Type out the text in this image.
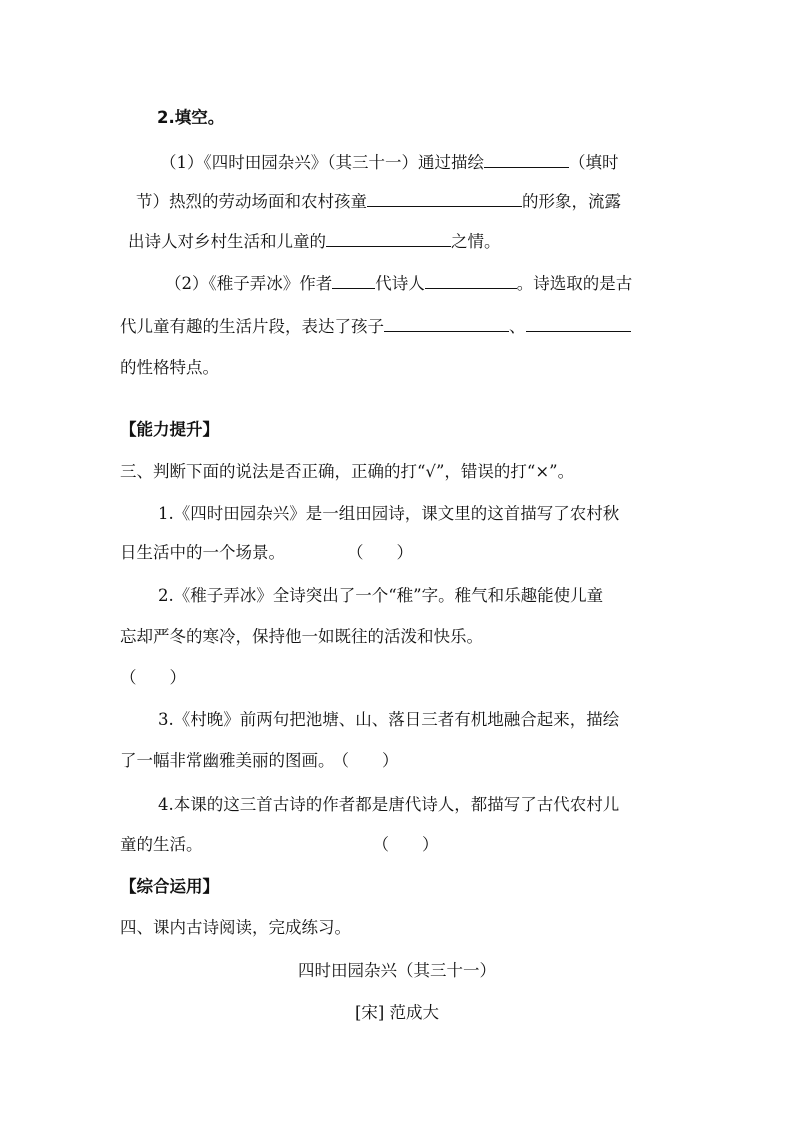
2.填空。
（1）《四时田园杂兴》（其三十一）通过描绘	（填时
节）热烈的劳动场面和农村孩童	的形象，流露
出诗人对乡村生活和儿童的	之情。
（2）《稚子弄冰》作者	代诗人	。诗选取的是古
代儿童有趣的生活片段，表达了孩子	、
的性格特点。
【能力提升】
三、判断下面的说法是否正确，正确的打“√”，错误的打“×”。
1.《四时田园杂兴》是一组田园诗，课文里的这首描写了农村秋
日生活中的一个场景。	（　　）
2.《稚子弄冰》全诗突出了一个“稚”字。稚气和乐趣能使儿童
忘却严冬的寒冷，保持他一如既往的活泼和快乐。
（　　）
3.《村晚》前两句把池塘、山、落日三者有机地融合起来，描绘
了一幅非常幽雅美丽的图画。（　　）
4.本课的这三首古诗的作者都是唐代诗人，都描写了古代农村儿
童的生活。	（　　）
【综合运用】
四、课内古诗阅读，完成练习。
四时田园杂兴（其三十一）
[宋] 范成大
